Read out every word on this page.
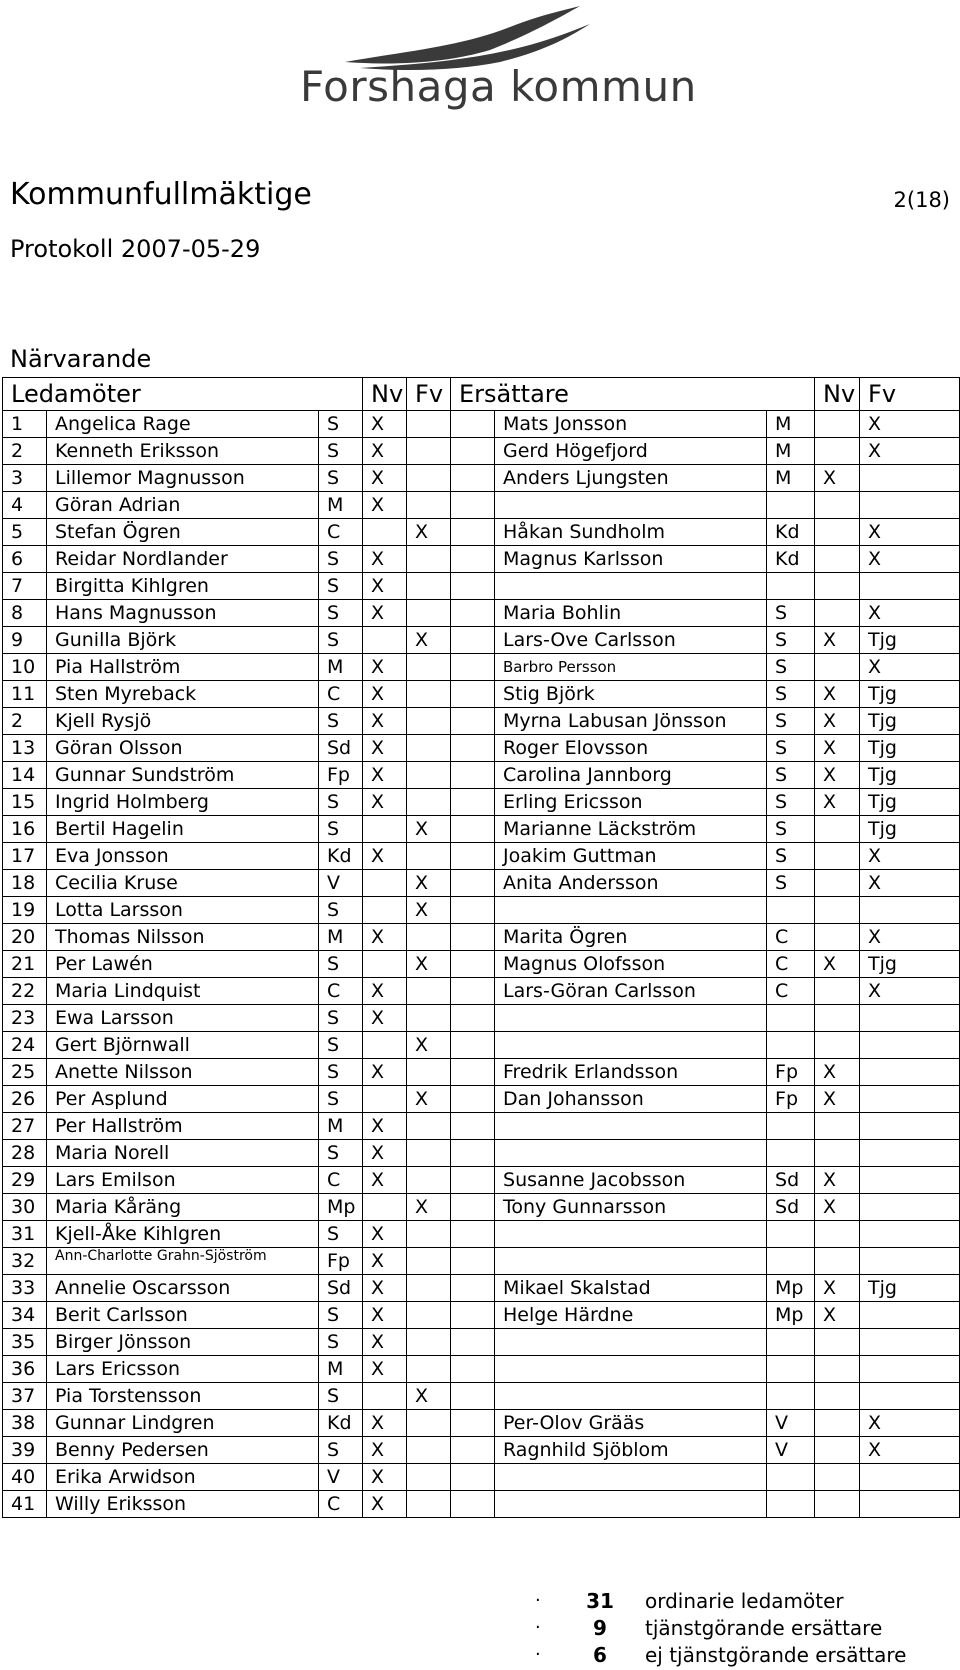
Forshaga kommun
Kommunfullmäktige	2(18)
Protokoll 2007-05-29
Närvarande
Ledamöter			Nv	Fv	Ersättare			Nv	Fv
1	Angelica Rage	S	X			Mats Jonsson	M		X
2	Kenneth Eriksson	S	X			Gerd Högefjord	M		X
3	Lillemor Magnusson	S	X			Anders Ljungsten	M	X	
4	Göran Adrian	M	X						
5	Stefan Ögren	C		X		Håkan Sundholm	Kd		X
6	Reidar Nordlander	S	X			Magnus Karlsson	Kd		X
7	Birgitta Kihlgren	S	X						
8	Hans Magnusson	S	X			Maria Bohlin	S		X
9	Gunilla Björk	S		X		Lars-Ove Carlsson	S	X	Tjg
10	Pia Hallström	M	X			Barbro Persson	S		X
11	Sten Myreback	C	X			Stig Björk	S	X	Tjg
2	Kjell Rysjö	S	X			Myrna Labusan Jönsson	S	X	Tjg
13	Göran Olsson	Sd	X			Roger Elovsson	S	X	Tjg
14	Gunnar Sundström	Fp	X			Carolina Jannborg	S	X	Tjg
15	Ingrid Holmberg	S	X			Erling Ericsson	S	X	Tjg
16	Bertil Hagelin	S		X		Marianne Läckström	S		Tjg
17	Eva Jonsson	Kd	X			Joakim Guttman	S		X
18	Cecilia Kruse	V		X		Anita Andersson	S		X
19	Lotta Larsson	S		X					
20	Thomas Nilsson	M	X			Marita Ögren	C		X
21	Per Lawén	S		X		Magnus Olofsson	C	X	Tjg
22	Maria Lindquist	C	X			Lars-Göran Carlsson	C		X
23	Ewa Larsson	S	X						
24	Gert Björnwall	S		X					
25	Anette Nilsson	S	X			Fredrik Erlandsson	Fp	X	
26	Per Asplund	S		X		Dan Johansson	Fp	X	
27	Per Hallström	M	X						
28	Maria Norell	S	X						
29	Lars Emilson	C	X			Susanne Jacobsson	Sd	X	
30	Maria Kåräng	Mp		X		Tony Gunnarsson	Sd	X	
31	Kjell-Åke Kihlgren	S	X						
32	Ann-Charlotte Grahn-Sjöström	Fp	X						
33	Annelie Oscarsson	Sd	X			Mikael Skalstad	Mp	X	Tjg
34	Berit Carlsson	S	X			Helge Härdne	Mp	X	
35	Birger Jönsson	S	X						
36	Lars Ericsson	M	X						
37	Pia Torstensson	S		X					
38	Gunnar Lindgren	Kd	X			Per-Olov Grääs	V		X
39	Benny Pedersen	S	X			Ragnhild Sjöblom	V		X
40	Erika Arwidson	V	X						
41	Willy Eriksson	C	X						
·	31	ordinarie ledamöter
·	9	tjänstgörande ersättare
·	6	ej tjänstgörande ersättare
